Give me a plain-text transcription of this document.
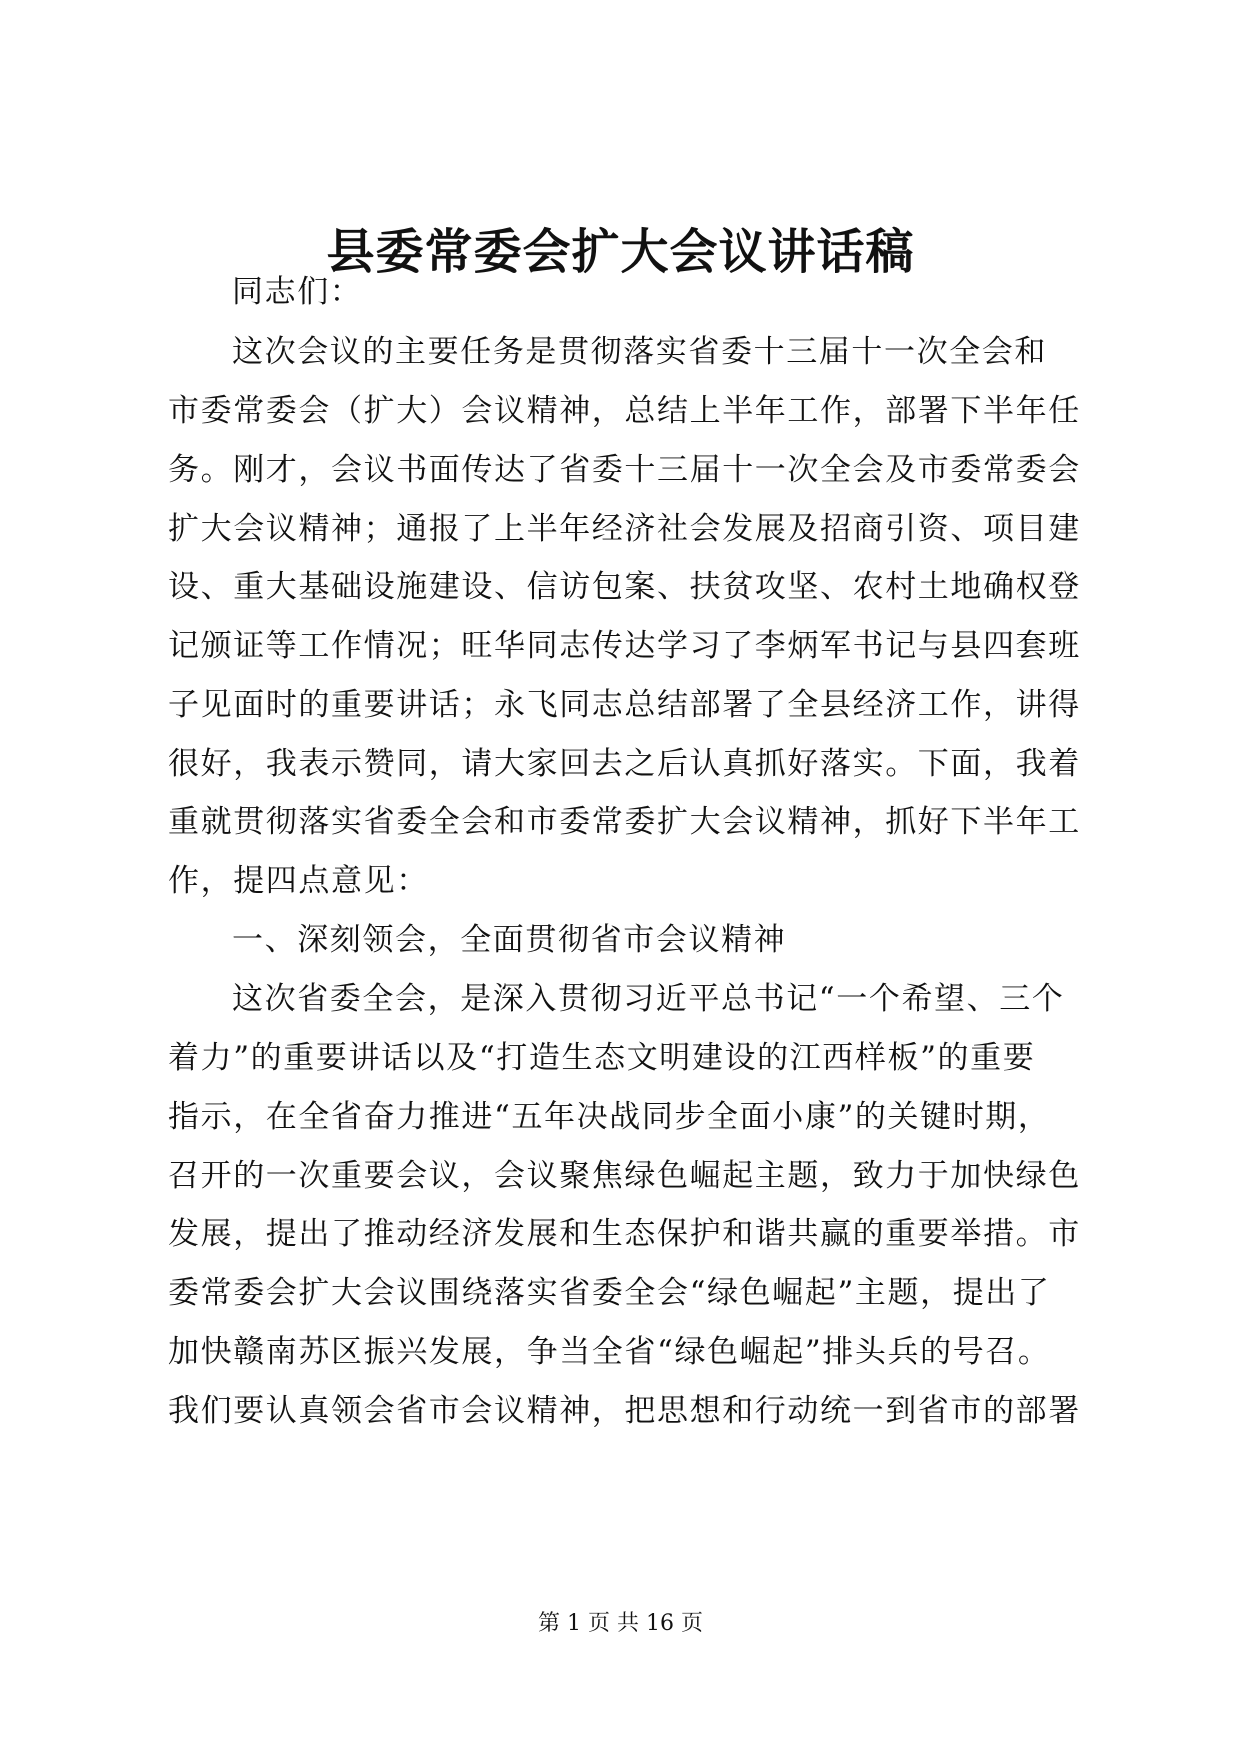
县委常委会扩大会议讲话稿
同志们：
这次会议的主要任务是贯彻落实省委十三届十一次全会和
市委常委会（扩大）会议精神，总结上半年工作，部署下半年任
务。刚才，会议书面传达了省委十三届十一次全会及市委常委会
扩大会议精神；通报了上半年经济社会发展及招商引资、项目建
设、重大基础设施建设、信访包案、扶贫攻坚、农村土地确权登
记颁证等工作情况；旺华同志传达学习了李炳军书记与县四套班
子见面时的重要讲话；永飞同志总结部署了全县经济工作，讲得
很好，我表示赞同，请大家回去之后认真抓好落实。下面，我着
重就贯彻落实省委全会和市委常委扩大会议精神，抓好下半年工
作，提四点意见：
一、深刻领会，全面贯彻省市会议精神
这次省委全会，是深入贯彻习近平总书记“一个希望、三个
着力”的重要讲话以及“打造生态文明建设的江西样板”的重要
指示，在全省奋力推进“五年决战同步全面小康”的关键时期，
召开的一次重要会议，会议聚焦绿色崛起主题，致力于加快绿色
发展，提出了推动经济发展和生态保护和谐共赢的重要举措。市
委常委会扩大会议围绕落实省委全会“绿色崛起”主题，提出了
加快赣南苏区振兴发展，争当全省“绿色崛起”排头兵的号召。
我们要认真领会省市会议精神，把思想和行动统一到省市的部署
第 1 页 共 16 页
